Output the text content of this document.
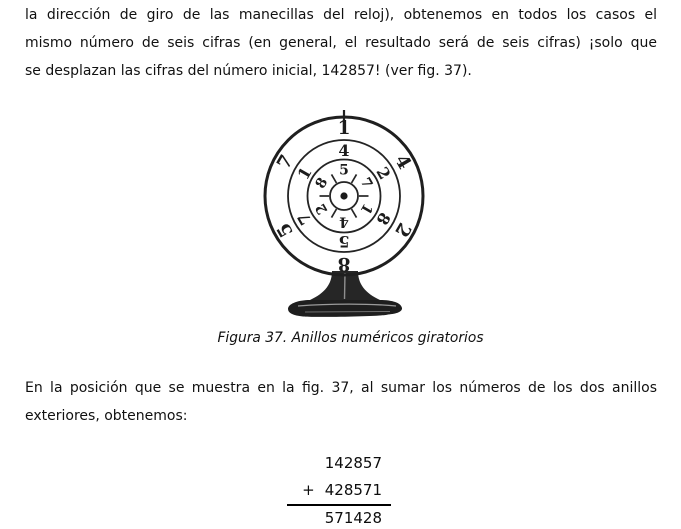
la dirección de giro de las manecillas del reloj), obtenemos en todos los casos el
mismo número de seis cifras (en general, el resultado será de seis cifras) ¡solo que
se desplazan las cifras del número inicial, 142857! (ver fig. 37).
1
4
2
8
5
7
4
2
8
5
7
1 5
7
1
4
2
8
Figura 37. Anillos numéricos giratorios
En la posición que se muestra en la fig. 37, al sumar los números de los dos anillos
exteriores, obtenemos:
142857
+ 428571
571428
